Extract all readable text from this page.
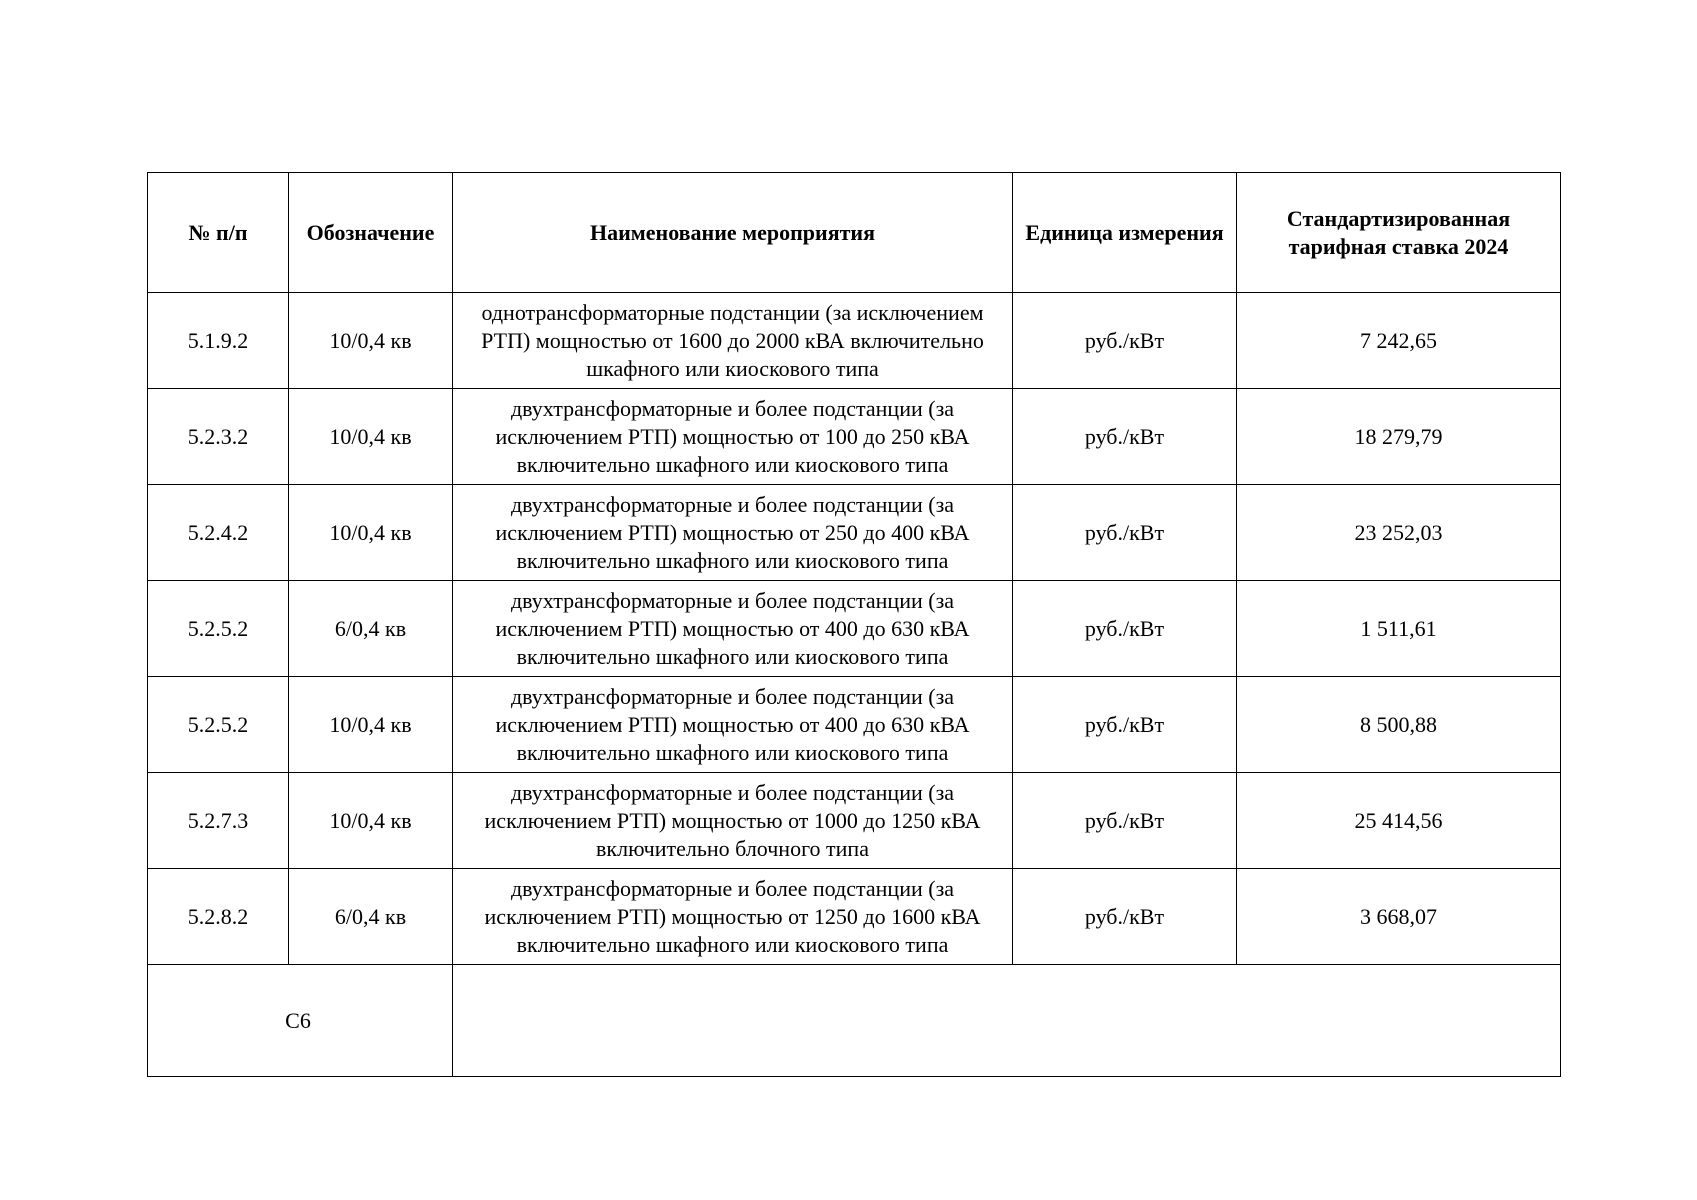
№ п/п	Обозначение	Наименование мероприятия	Единица измерения	Стандартизированная тарифная ставка 2024
5.1.9.2	10/0,4 кв	однотрансформаторные подстанции (за исключением РТП) мощностью от 1600 до 2000 кВА включительно шкафного или киоскового типа	руб./кВт	7 242,65
5.2.3.2	10/0,4 кв	двухтрансформаторные и более подстанции (за исключением РТП) мощностью от 100 до 250 кВА включительно шкафного или киоскового типа	руб./кВт	18 279,79
5.2.4.2	10/0,4 кв	двухтрансформаторные и более подстанции (за исключением РТП) мощностью от 250 до 400 кВА включительно шкафного или киоскового типа	руб./кВт	23 252,03
5.2.5.2	6/0,4 кв	двухтрансформаторные и более подстанции (за исключением РТП) мощностью от 400 до 630 кВА включительно шкафного или киоскового типа	руб./кВт	1 511,61
5.2.5.2	10/0,4 кв	двухтрансформаторные и более подстанции (за исключением РТП) мощностью от 400 до 630 кВА включительно шкафного или киоскового типа	руб./кВт	8 500,88
5.2.7.3	10/0,4 кв	двухтрансформаторные и более подстанции (за исключением РТП) мощностью от 1000 до 1250 кВА включительно блочного типа	руб./кВт	25 414,56
5.2.8.2	6/0,4 кв	двухтрансформаторные и более подстанции (за исключением РТП) мощностью от 1250 до 1600 кВА включительно шкафного или киоскового типа	руб./кВт	3 668,07
С6				
